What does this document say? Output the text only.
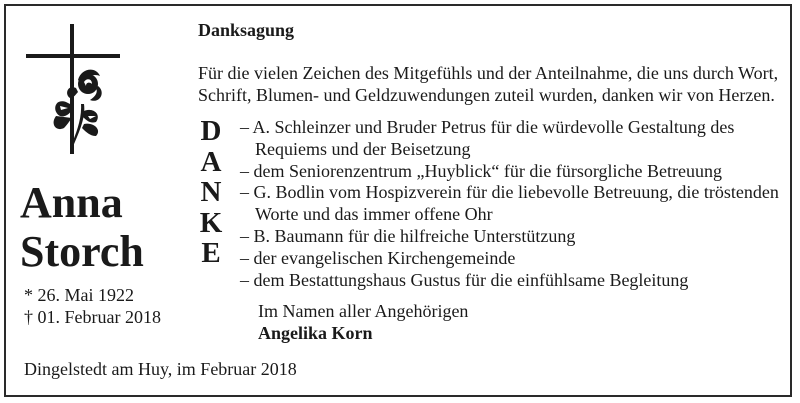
Anna
Storch
* 26. Mai 1922
† 01. Februar 2018
Dingelstedt am Huy, im Februar 2018
Danksagung
Für die vielen Zeichen des Mitgefühls und der Anteilnahme, die uns durch Wort, Schrift, Blumen- und Geldzuwendungen zuteil wurden, danken wir von Herzen.
D
A
N
K
E
– A. Schleinzer und Bruder Petrus für die würdevolle Gestaltung des Requiems und der Beisetzung
– dem Seniorenzentrum „Huyblick“ für die fürsorgliche Betreuung
– G. Bodlin vom Hospizverein für die liebevolle Betreuung, die tröstenden Worte und das immer offene Ohr
– B. Baumann für die hilfreiche Unterstützung
– der evangelischen Kirchengemeinde
– dem Bestattungshaus Gustus für die einfühlsame Begleitung
Im Namen aller Angehörigen
Angelika Korn
